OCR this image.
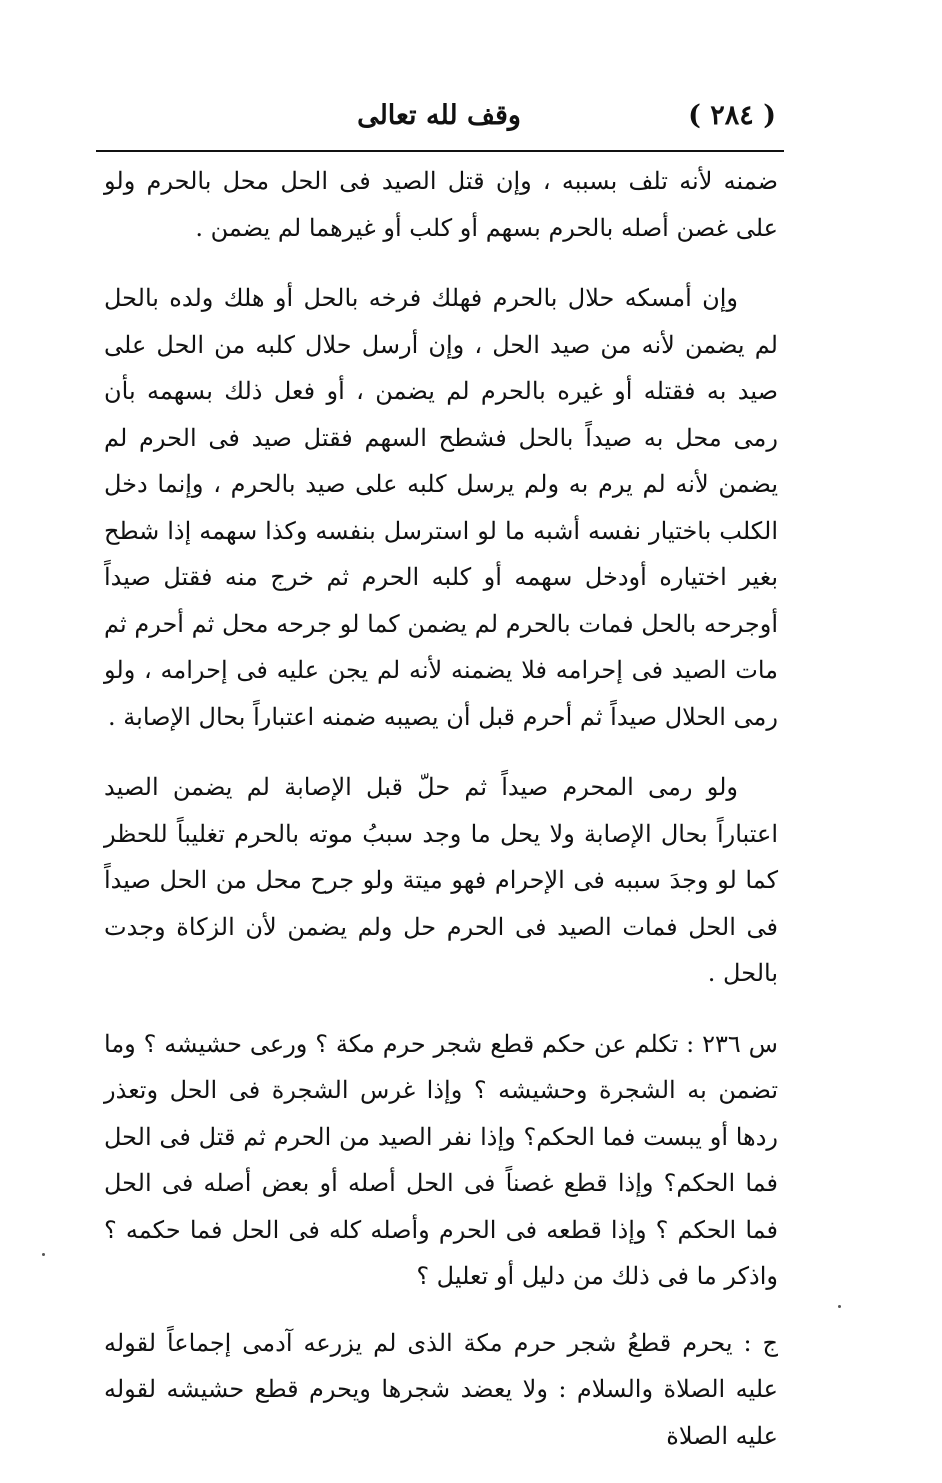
( ٢٨٤ )
وقف لله تعالى

ضمنه لأنه تلف بسببه ، وإن قتل الصيد فى الحل محل بالحرم ولو على غصن أصله بالحرم بسهم أو كلب أو غيرهما لم يضمن .

وإن أمسكه حلال بالحرم فهلك فرخه بالحل أو هلك ولده بالحل لم يضمن لأنه من صيد الحل ، وإن أرسل حلال كلبه من الحل على صيد به فقتله أو غيره بالحرم لم يضمن ، أو فعل ذلك بسهمه بأن رمى محل به صيداً بالحل فشطح السهم فقتل صيد فى الحرم لم يضمن لأنه لم يرم به ولم يرسل كلبه على صيد بالحرم ، وإنما دخل الكلب باختيار نفسه أشبه ما لو استرسل بنفسه وكذا سهمه إذا شطح بغير اختياره أودخل سهمه أو كلبه الحرم ثم خرج منه فقتل صيداً أوجرحه بالحل فمات بالحرم لم يضمن كما لو جرحه محل ثم أحرم ثم مات الصيد فى إحرامه فلا يضمنه لأنه لم يجن عليه فى إحرامه ، ولو رمى الحلال صيداً ثم أحرم قبل أن يصيبه ضمنه اعتباراً بحال الإصابة .

ولو رمى المحرم صيداً ثم حلّ قبل الإصابة لم يضمن الصيد اعتباراً بحال الإصابة ولا يحل ما وجد سببُ موته بالحرم تغليباً للحظر كما لو وجدَ سببه فى الإحرام فهو ميتة ولو جرح محل من الحل صيداً فى الحل فمات الصيد فى الحرم حل ولم يضمن لأن الزكاة وجدت بالحل .

س ٢٣٦ : تكلم عن حكم قطع شجر حرم مكة ؟ ورعى حشيشه ؟ وما تضمن به الشجرة وحشيشه ؟ وإذا غرس الشجرة فى الحل وتعذر ردها أو يبست فما الحكم؟ وإذا نفر الصيد من الحرم ثم قتل فى الحل فما الحكم؟ وإذا قطع غصناً فى الحل أصله أو بعض أصله فى الحل فما الحكم ؟ وإذا قطعه فى الحرم وأصله كله فى الحل فما حكمه ؟ واذكر ما فى ذلك من دليل أو تعليل ؟

ج : يحرم قطعُ شجر حرم مكة الذى لم يزرعه آدمى إجماعاً لقوله عليه الصلاة والسلام : ولا يعضد شجرها ويحرم قطع حشيشه لقوله عليه الصلاة
